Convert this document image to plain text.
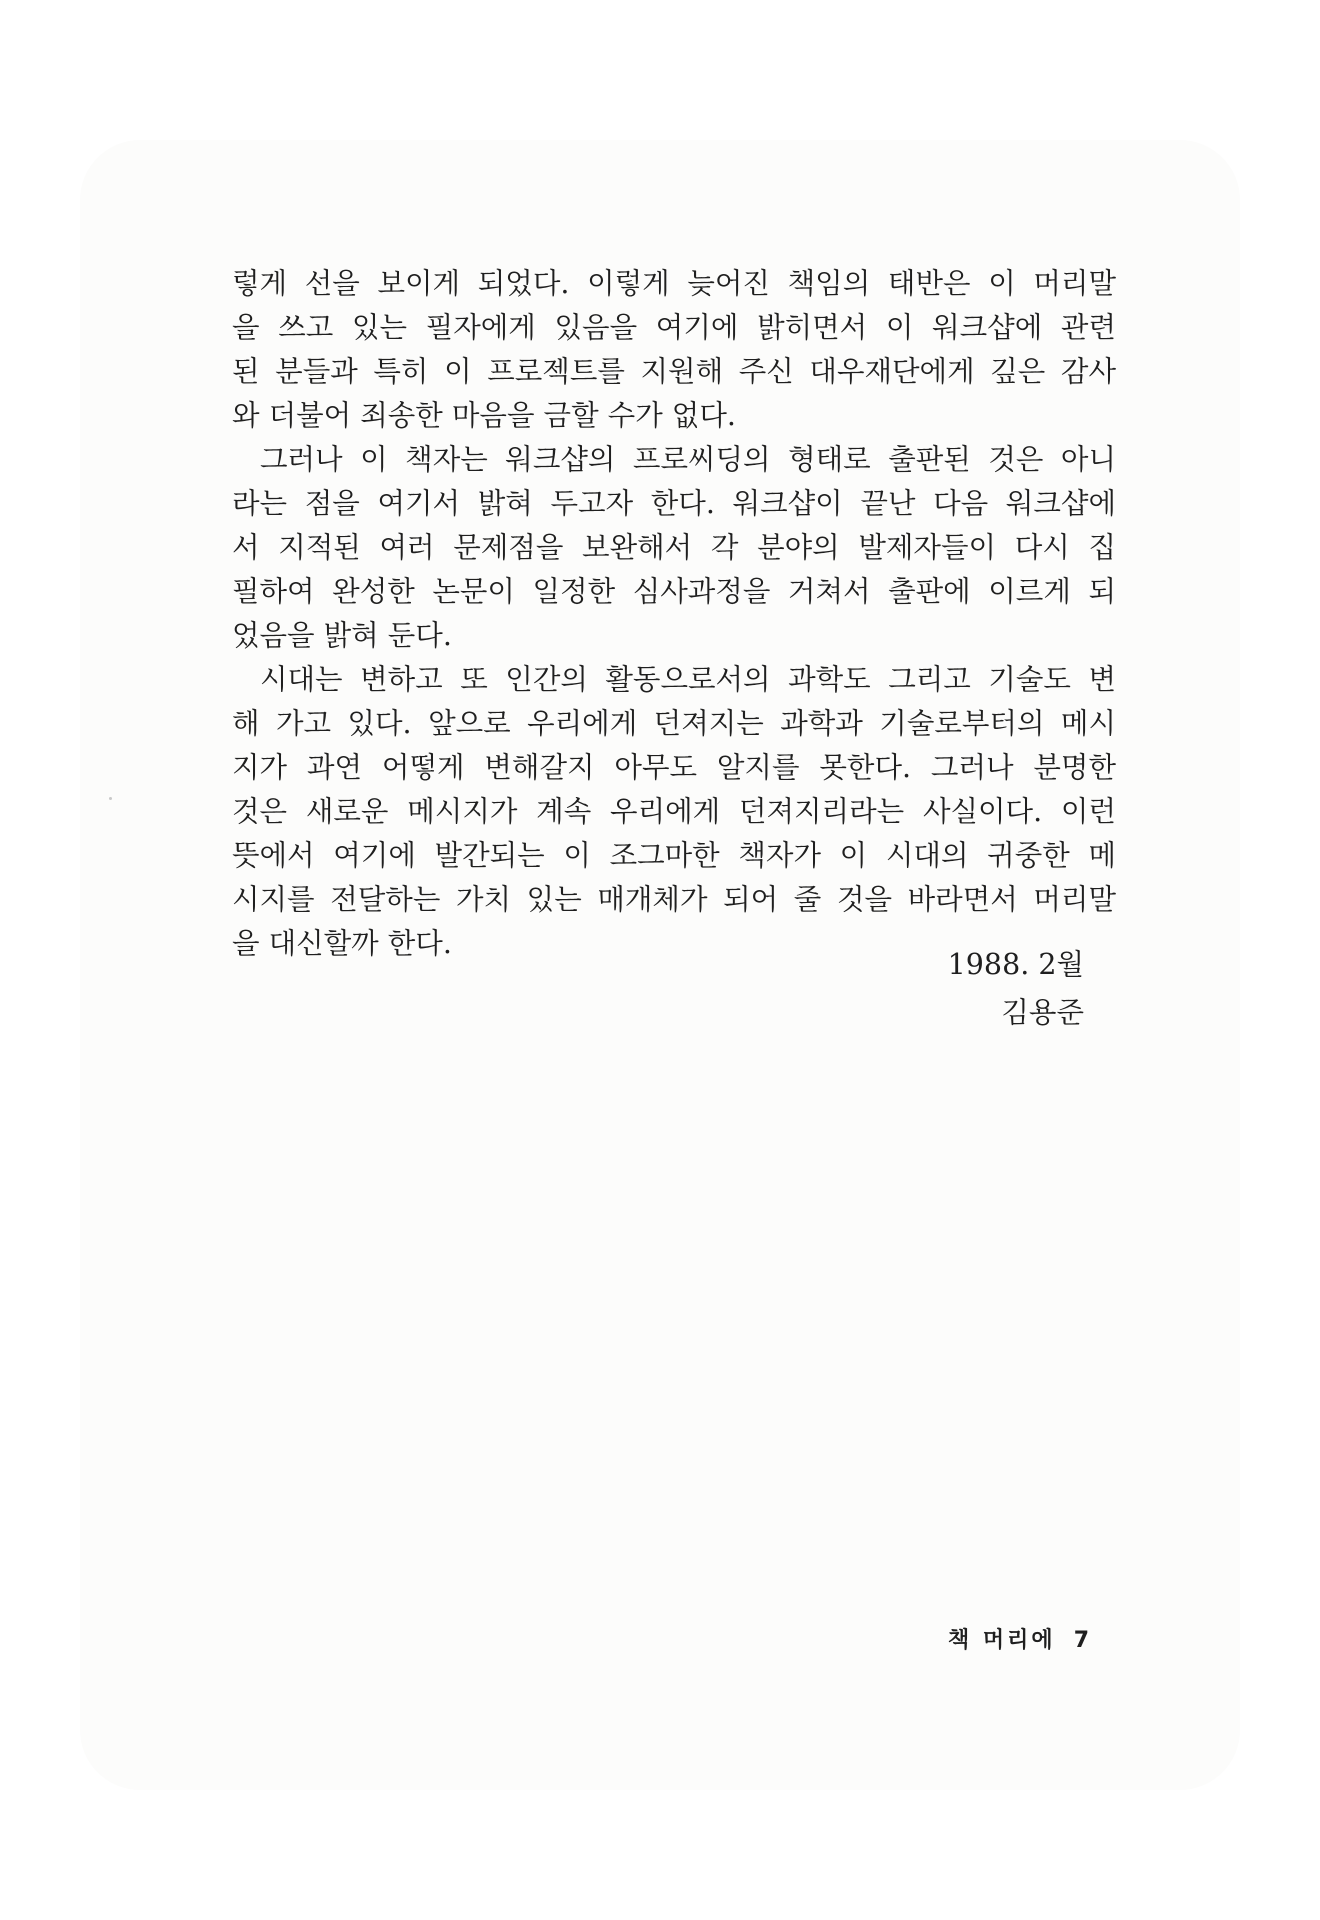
렇게 선을 보이게 되었다. 이렇게 늦어진 책임의 태반은 이 머리말
을 쓰고 있는 필자에게 있음을 여기에 밝히면서 이 워크샵에 관련
된 분들과 특히 이 프로젝트를 지원해 주신 대우재단에게 깊은 감사
와 더불어 죄송한 마음을 금할 수가 없다.
그러나 이 책자는 워크샵의 프로씨딩의 형태로 출판된 것은 아니
라는 점을 여기서 밝혀 두고자 한다. 워크샵이 끝난 다음 워크샵에
서 지적된 여러 문제점을 보완해서 각 분야의 발제자들이 다시 집
필하여 완성한 논문이 일정한 심사과정을 거쳐서 출판에 이르게 되
었음을 밝혀 둔다.
시대는 변하고 또 인간의 활동으로서의 과학도 그리고 기술도 변
해 가고 있다. 앞으로 우리에게 던져지는 과학과 기술로부터의 메시
지가 과연 어떻게 변해갈지 아무도 알지를 못한다. 그러나 분명한
것은 새로운 메시지가 계속 우리에게 던져지리라는 사실이다. 이런
뜻에서 여기에 발간되는 이 조그마한 책자가 이 시대의 귀중한 메
시지를 전달하는 가치 있는 매개체가 되어 줄 것을 바라면서 머리말
을 대신할까 한다.
1988. 2월
김용준
책 머리에 7
